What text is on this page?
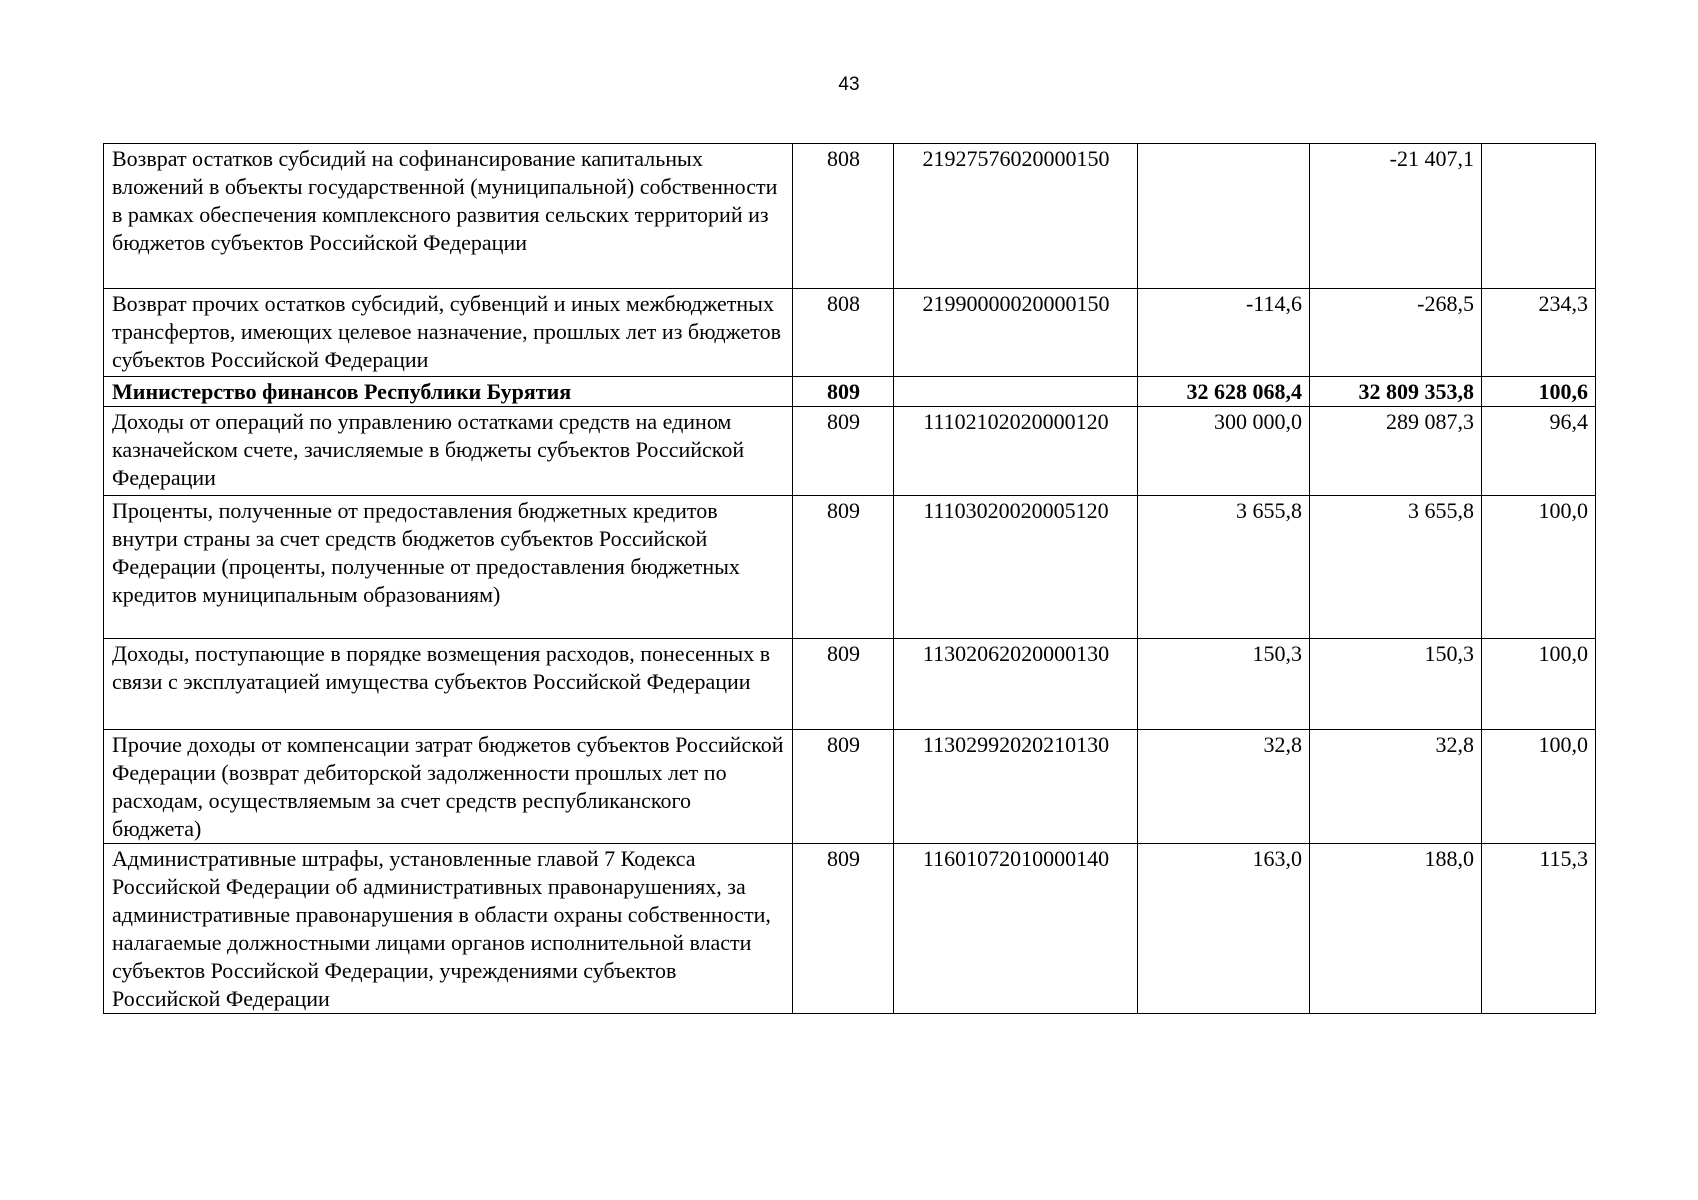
43
Возврат остатков субсидий на софинансирование капитальных вложений в объекты государственной (муниципальной) собственности в рамках обеспечения комплексного развития сельских территорий из бюджетов субъектов Российской Федерации	808	21927576020000150		-21 407,1	
Возврат прочих остатков субсидий, субвенций и иных межбюджетных трансфертов, имеющих целевое назначение, прошлых лет из бюджетов субъектов Российской Федерации	808	21990000020000150	-114,6	-268,5	234,3
Министерство финансов Республики Бурятия	809		32 628 068,4	32 809 353,8	100,6
Доходы от операций по управлению остатками средств на едином казначейском счете, зачисляемые в бюджеты субъектов Российской Федерации	809	11102102020000120	300 000,0	289 087,3	96,4
Проценты, полученные от предоставления бюджетных кредитов внутри страны за счет средств бюджетов субъектов Российской Федерации (проценты, полученные от предоставления бюджетных кредитов муниципальным образованиям)	809	11103020020005120	3 655,8	3 655,8	100,0
Доходы, поступающие в порядке возмещения расходов, понесенных в связи с эксплуатацией имущества субъектов Российской Федерации	809	11302062020000130	150,3	150,3	100,0
Прочие доходы от компенсации затрат бюджетов субъектов Российской Федерации (возврат дебиторской задолженности прошлых лет по расходам, осуществляемым за счет средств республиканского бюджета)	809	11302992020210130	32,8	32,8	100,0
Административные штрафы, установленные главой 7 Кодекса Российской Федерации об административных правонарушениях, за административные правонарушения в области охраны собственности, налагаемые должностными лицами органов исполнительной власти субъектов Российской Федерации, учреждениями субъектов Российской Федерации	809	11601072010000140	163,0	188,0	115,3
